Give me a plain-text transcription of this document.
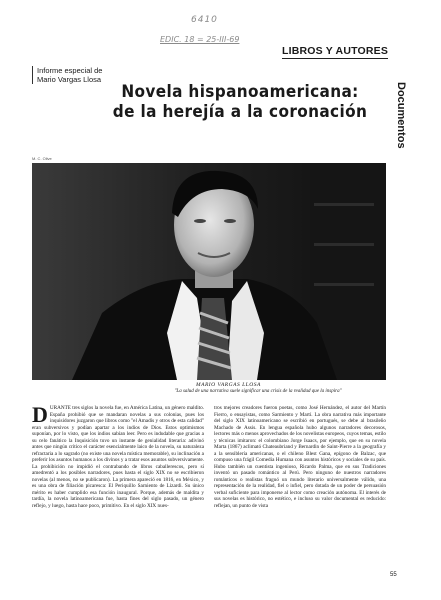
6410
EDIC. 18 = 25-III-69
LIBROS Y AUTORES
Documentos
Informe especial de
Mario Vargas Llosa
Novela hispanoamericana:
de la herejía a la coronación
M. C. Olive
MARIO VARGAS LLOSA
"La salud de una narrativa suele significar una crisis de la realidad que la inspira"
D URANTE tres siglos la novela fue, en América Latina, un género maldito. España prohibió que se mandaran novelas a sus colonias, pues los inquisidores juzgaron que libros como "el Amadís y otros de esta calidad" eran subversivos y podían apartar a los indios de Dios. Estos optimismos suponían, por lo visto, que los indios sabían leer. Pero es indudable que gracias a su celo fanático la Inquisición tuvo un instante de genialidad literaria: adivinó antes que ningún crítico el carácter esencialmente laico de la novela, su naturaleza refractaria a lo sagrado (no existe una novela mística memorable), su inclinación a preferir los asuntos humanos a los divinos y a tratar esos asuntos subversivamente. La prohibición no impidió el contrabando de libros caballerescos, pero sí amedrentó a los posibles narradores, pues hasta el siglo XIX no se escribieron novelas (al menos, no se publicaron). La primera apareció en 1816, en México, y es una obra de filiación picaresca: El Periquillo Sarniento de Lizardi. Su único mérito es haber cumplido esa función inaugural. Porque, además de maldita y tardía, la novela latinoamericana fue, hasta fines del siglo pasado, un género reflejo, y luego, hasta hace poco, primitivo. En el siglo XIX nues-

tros mejores creadores fueron poetas, como José Hernández, el autor del Martín Fierro, o ensayistas, como Sarmiento y Martí. La obra narrativa más importante del siglo XIX latinoamericano se escribió en portugués, se debe al brasileño Machado de Assis. En lengua española hubo algunos narradores decorosos, lectores más o menos aprovechados de los novelistas europeos, cuyos temas, estilo y técnicas imitaron: el colombiano Jorge Isaacs, por ejemplo, que en su novela Marta (1867) aclimató Chateaubriand y Bernardin de Saint-Pierre a la geografía y a la sensiblería americanas, o el chileno Blest Gana, epígono de Balzac, que compuso una frágil Comedia Humana con asuntos históricos y sociales de su país. Hubo también un cuentista ingenioso, Ricardo Palma, que en sus Tradiciones inventó un pasado romántico al Perú. Pero ninguno de nuestros narradores románticos o realistas fraguó un mundo literario universalmente válido, una representación de la realidad, fiel o infiel, pero dotada de un poder de persuasión verbal suficiente para imponerse al lector como creación autónoma. El interés de sus novelas es histórico, no estético, e incluso su valor documental es reducido: reflejan, un punto de vista

55
